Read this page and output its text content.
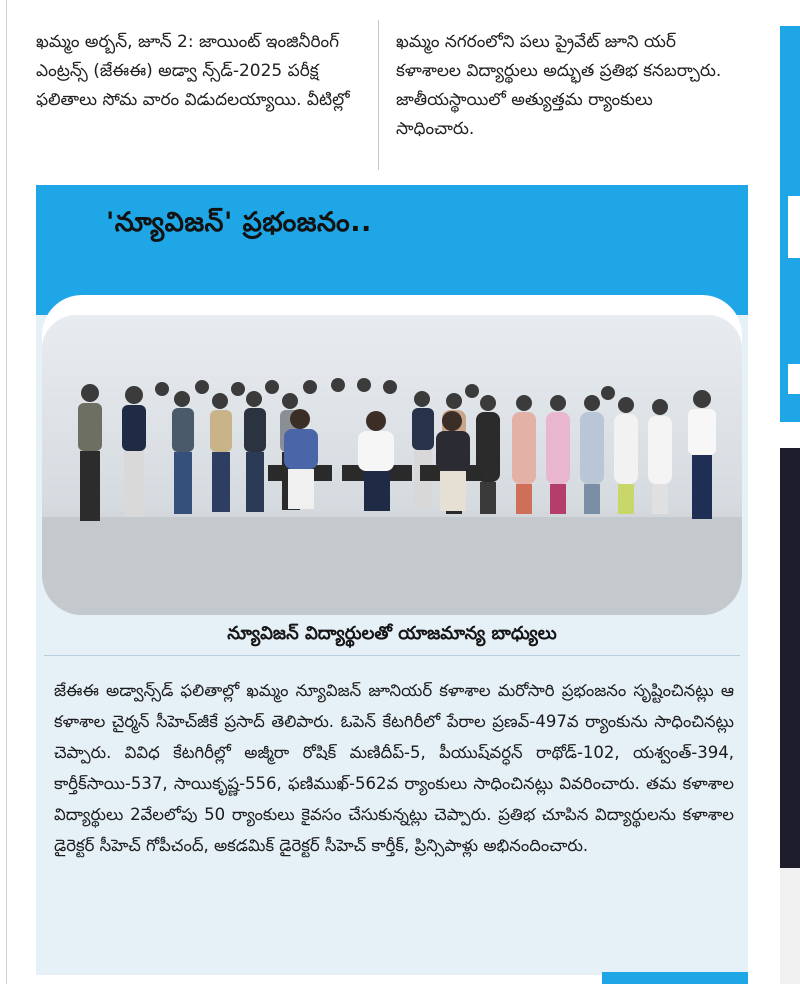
ఖమ్మం అర్బన్, జూన్ 2: జాయింట్ ఇంజినీరింగ్ ఎంట్రన్స్ (జేఈఈ) అడ్వా న్స్‌డ్-2025 పరీక్ష ఫలితాలు సోమ వారం విడుదలయ్యాయి. వీటిల్లో
ఖమ్మం నగరంలోని పలు ప్రైవేట్ జూని యర్ కళాశాలల విద్యార్థులు అద్భుత ప్రతిభ కనబర్చారు. జాతీయస్థాయిలో అత్యుత్తమ ర్యాంకులు సాధించారు.
'న్యూవిజన్' ప్రభంజనం..
న్యూవిజన్ విద్యార్థులతో యాజమాన్య బాధ్యులు
జేఈఈ అడ్వాన్స్‌డ్ ఫలితాల్లో ఖమ్మం న్యూవిజన్ జూనియర్ కళాశాల మరోసారి ప్రభంజనం సృష్టించినట్లు ఆ కళాశాల చైర్మన్ సీహెచ్‌జీకే ప్రసాద్ తెలిపారు. ఓపెన్ కేటగిరీలో పేరాల ప్రణవ్-497వ ర్యాంకును సాధించినట్లు చెప్పారు. వివిధ కేటగిరీల్లో అజ్మీరా రోషిక్ మణిదీప్-5, పీయుష్‌వర్ధన్ రాథోడ్-102, యశ్వంత్-394, కార్తీక్‌సాయి-537, సాయికృష్ణ-556, ఫణిముఖ్-562వ ర్యాంకులు సాధించినట్లు వివరించారు. తమ కళాశాల విద్యార్థులు 2వేలలోపు 50 ర్యాంకులు కైవసం చేసుకున్నట్లు చెప్పారు. ప్రతిభ చూపిన విద్యార్థులను కళాశాల డైరెక్టర్ సీహెచ్ గోపీచంద్, అకడమిక్ డైరెక్టర్ సీహెచ్ కార్తీక్, ప్రిన్సిపాళ్లు అభినందించారు.
